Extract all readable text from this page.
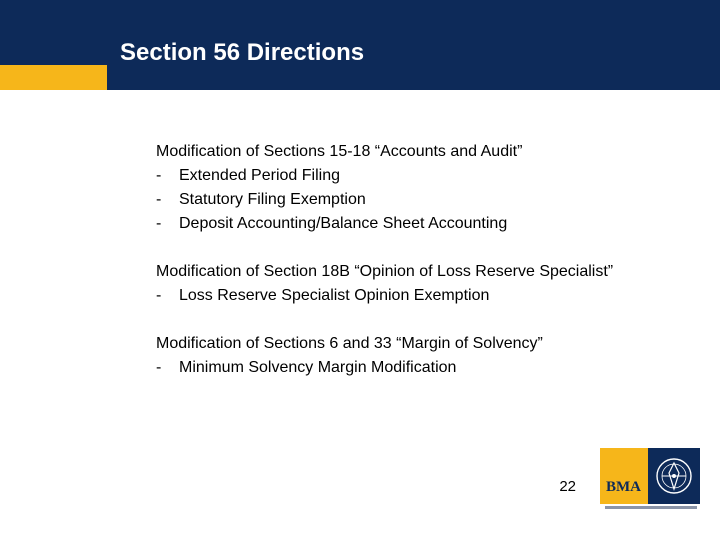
Section 56 Directions

Modification of Sections 15-18 “Accounts and Audit”

-	Extended Period Filing
-	Statutory Filing Exemption
-	Deposit Accounting/Balance Sheet Accounting

Modification of Section 18B “Opinion of Loss Reserve Specialist”

-	Loss Reserve Specialist Opinion Exemption

Modification of Sections 6 and 33 “Margin of Solvency”

-	Minimum Solvency Margin Modification
22 BMA
